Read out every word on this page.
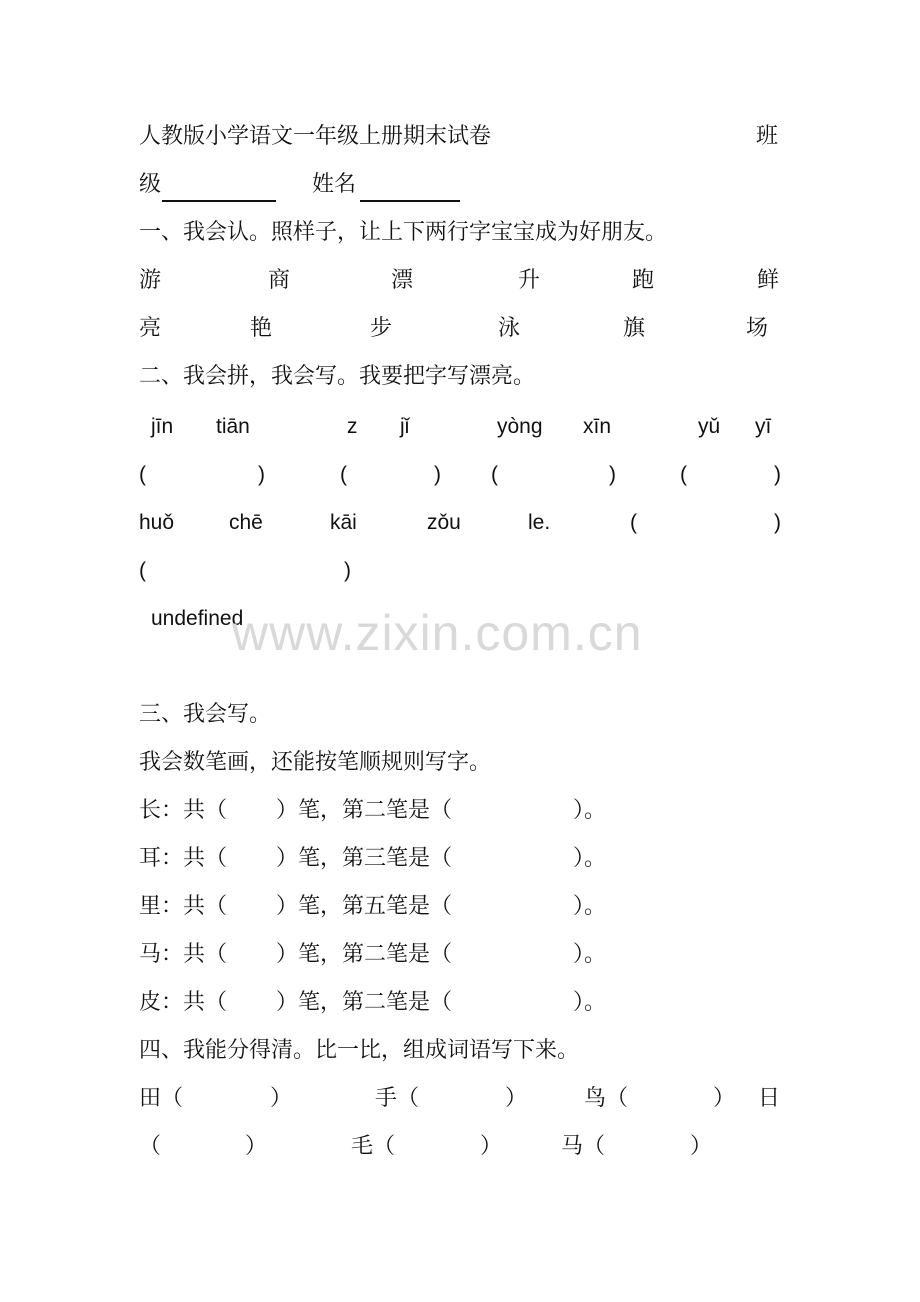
人教版小学语文一年级上册期末试卷	班
级	姓名
一、我会认。照样子，让上下两行字宝宝成为好朋友。
游	商	漂	升	跑	鲜
亮	艳	步	泳	旗	场
二、我会拼，我会写。我要把字写漂亮。
jīn tiān	z jǐ	yònɡ xīn	yǔ yī
(	)	(	) (	)	(	)
huǒ	chē	kāi	zǒu	le.	(	)
(	)
undefined
www.zixin.com.cn
三、我会写。
我会数笔画，还能按笔顺规则写字。
长：共（ ）笔，第二笔是（	）。
耳：共（ ）笔，第三笔是（	）。
里：共（ ）笔，第五笔是（	）。
马：共（ ）笔，第二笔是（	）。
皮：共（ ）笔，第二笔是（	）。
四、我能分得清。比一比，组成词语写下来。
田（	）	手（	）	鸟（	） 日
（	）	毛（	）	马（	）
